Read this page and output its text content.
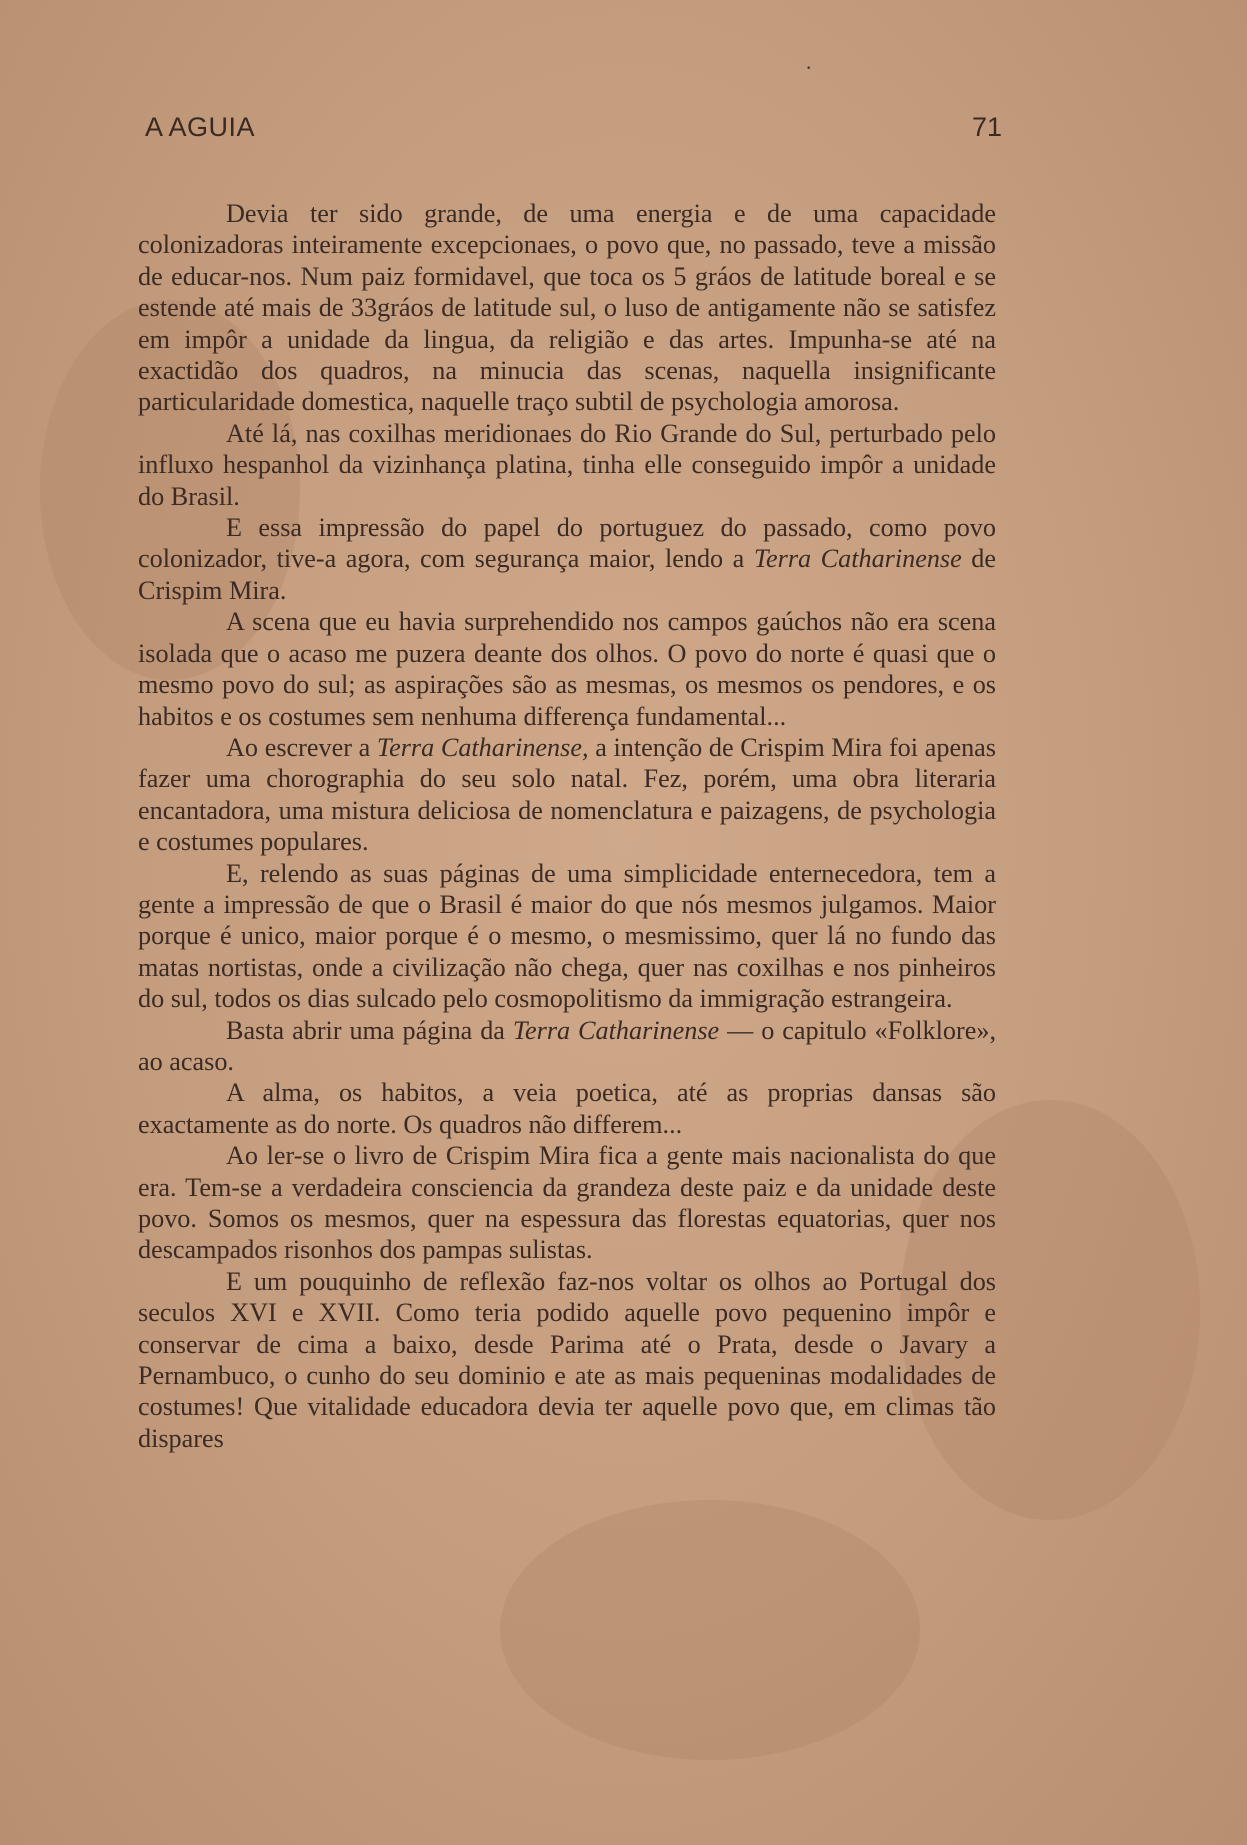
·
A AGUIA	71

Devia ter sido grande, de uma energia e de uma capacidade colonizadoras inteiramente excepcionaes, o povo que, no passado, teve a missão de educar-nos. Num paiz formidavel, que toca os 5 gráos de latitude boreal e se estende até mais de 33gráos de latitude sul, o luso de antigamente não se satisfez em impôr a unidade da lingua, da religião e das artes. Impunha-se até na exactidão dos quadros, na minucia das scenas, naquella insignificante particularidade domestica, naquelle traço subtil de psychologia amorosa.

Até lá, nas coxilhas meridionaes do Rio Grande do Sul, perturbado pelo influxo hespanhol da vizinhança platina, tinha elle conseguido impôr a unidade do Brasil.

E essa impressão do papel do portuguez do passado, como povo colonizador, tive-a agora, com segurança maior, lendo a Terra Catharinense de Crispim Mira.

A scena que eu havia surprehendido nos campos gaúchos não era scena isolada que o acaso me puzera deante dos olhos. O povo do norte é quasi que o mesmo povo do sul; as aspirações são as mesmas, os mesmos os pendores, e os habitos e os costumes sem nenhuma differença fundamental...

Ao escrever a Terra Catharinense, a intenção de Crispim Mira foi apenas fazer uma chorographia do seu solo natal. Fez, porém, uma obra literaria encantadora, uma mistura deliciosa de nomenclatura e paizagens, de psychologia e costumes populares.

E, relendo as suas páginas de uma simplicidade enternecedora, tem a gente a impressão de que o Brasil é maior do que nós mesmos julgamos. Maior porque é unico, maior porque é o mesmo, o mesmissimo, quer lá no fundo das matas nortistas, onde a civilização não chega, quer nas coxilhas e nos pinheiros do sul, todos os dias sulcado pelo cosmopolitismo da immigração estrangeira.

Basta abrir uma página da Terra Catharinense — o capitulo «Folklore», ao acaso.

A alma, os habitos, a veia poetica, até as proprias dansas são exactamente as do norte. Os quadros não differem...

Ao ler-se o livro de Crispim Mira fica a gente mais nacionalista do que era. Tem-se a verdadeira consciencia da grandeza deste paiz e da unidade deste povo. Somos os mesmos, quer na espessura das florestas equatorias, quer nos descampados risonhos dos pampas sulistas.

E um pouquinho de reflexão faz-nos voltar os olhos ao Portugal dos seculos XVI e XVII. Como teria podido aquelle povo pequenino impôr e conservar de cima a baixo, desde Parima até o Prata, desde o Javary a Pernambuco, o cunho do seu dominio e ate as mais pequeninas modalidades de costumes! Que vitalidade educadora devia ter aquelle povo que, em climas tão dispares
